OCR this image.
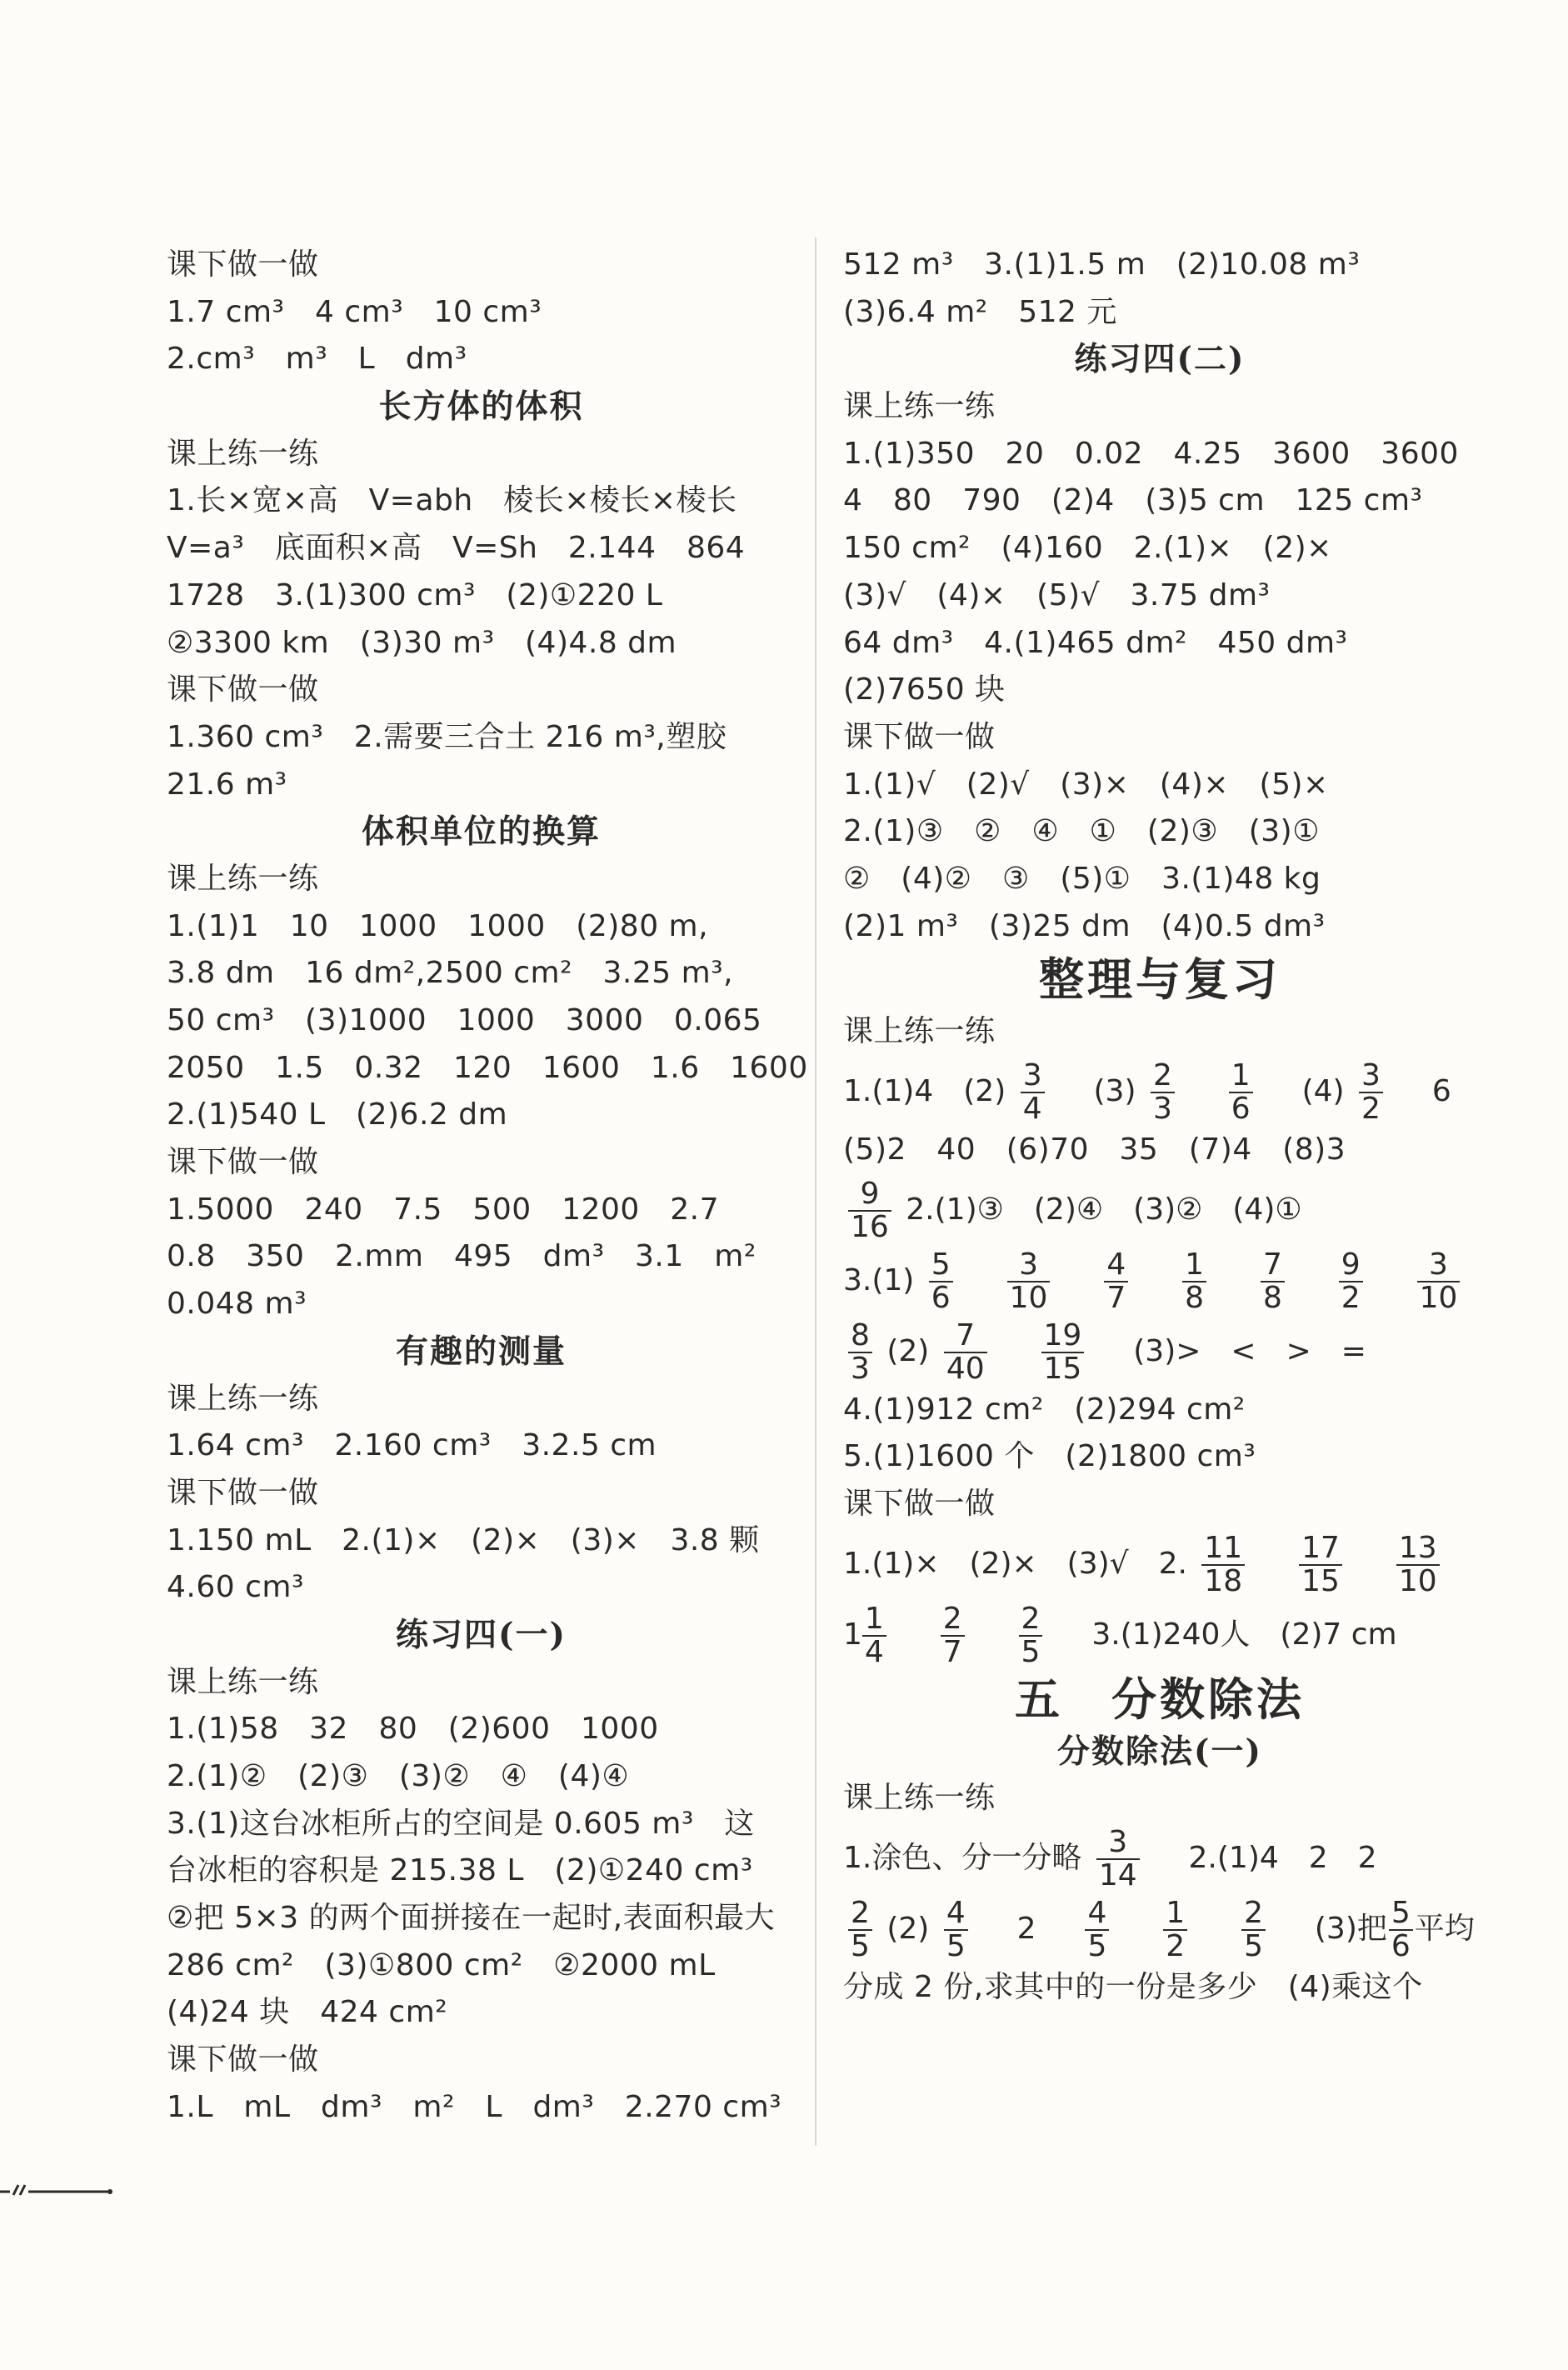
课下做一做
1.7 cm³　4 cm³　10 cm³
2.cm³　m³　L　dm³
长方体的体积
课上练一练
1.长×宽×高　V=abh　棱长×棱长×棱长
V=a³　底面积×高　V=Sh　2.144　864
1728　3.(1)300 cm³　(2)①220 L
②3300 km　(3)30 m³　(4)4.8 dm
课下做一做
1.360 cm³　2.需要三合土 216 m³,塑胶
21.6 m³
体积单位的换算
课上练一练
1.(1)1　10　1000　1000　(2)80 m,
3.8 dm　16 dm²,2500 cm²　3.25 m³,
50 cm³　(3)1000　1000　3000　0.065
2050　1.5　0.32　120　1600　1.6　1600
2.(1)540 L　(2)6.2 dm
课下做一做
1.5000　240　7.5　500　1200　2.7
0.8　350　2.mm　495　dm³　3.1　m²
0.048 m³
有趣的测量
课上练一练
1.64 cm³　2.160 cm³　3.2.5 cm
课下做一做
1.150 mL　2.(1)×　(2)×　(3)×　3.8 颗
4.60 cm³
练习四(一)
课上练一练
1.(1)58　32　80　(2)600　1000
2.(1)②　(2)③　(3)②　④　(4)④
3.(1)这台冰柜所占的空间是 0.605 m³　这
台冰柜的容积是 215.38 L　(2)①240 cm³
②把 5×3 的两个面拼接在一起时,表面积最大
286 cm²　(3)①800 cm²　②2000 mL
(4)24 块　424 cm²
课下做一做
1.L　mL　dm³　m²　L　dm³　2.270 cm³
512 m³　3.(1)1.5 m　(2)10.08 m³
(3)6.4 m²　512 元
练习四(二)
课上练一练
1.(1)350　20　0.02　4.25　3600　3600
4　80　790　(2)4　(3)5 cm　125 cm³
150 cm²　(4)160　2.(1)×　(2)×
(3)√　(4)×　(5)√　3.75 dm³
64 dm³　4.(1)465 dm²　450 dm³
(2)7650 块
课下做一做
1.(1)√　(2)√　(3)×　(4)×　(5)×
2.(1)③　②　④　①　(2)③　(3)①
②　(4)②　③　(5)①　3.(1)48 kg
(2)1 m³　(3)25 dm　(4)0.5 dm³
整理与复习
课上练一练
1.(1)4　$(2) \frac{3}{4} (3) \frac{2}{3}$
$\frac{1}{6} (4) \frac{3}{2} 6$
(5)2　40　(6)70　35　(7)4　(8)3
$\frac{9}{16}$ 2.(1)③　(2)④　(3)②　(4)①
$3.(1) \frac{5}{6}$
$\frac{3}{10}$
$\frac{4}{7}$
$\frac{1}{8}$
$\frac{7}{8}$
$\frac{9}{2}$
$\frac{3}{10}$
$\frac{8}{3} (2) \frac{7}{40}$
$\frac{19}{15} (3)>$　<　>　=
4.(1)912 cm²　(2)294 cm²
5.(1)1600 个　(2)1800 cm³
课下做一做
1.(1)×　(2)×　(3)√　2. $\frac{11}{18}$
$\frac{17}{15}$
$\frac{13}{10}$
$1 \frac{1}{4}$
$\frac{2}{7}$
$\frac{2}{5} 3.(1)240$人　(2)7 cm
五　分数除法
分数除法(一)
课上练一练
1.涂色、分一分略 $\frac{3}{14} 2.(1)4$　2　2
$\frac{2}{5} (2) \frac{4}{5} 2 \frac{4}{5}$
$\frac{1}{2}$
$\frac{2}{5} (3)$把 $\frac{5}{6}$ 平均
分成 2 份,求其中的一份是多少　(4)乘这个
